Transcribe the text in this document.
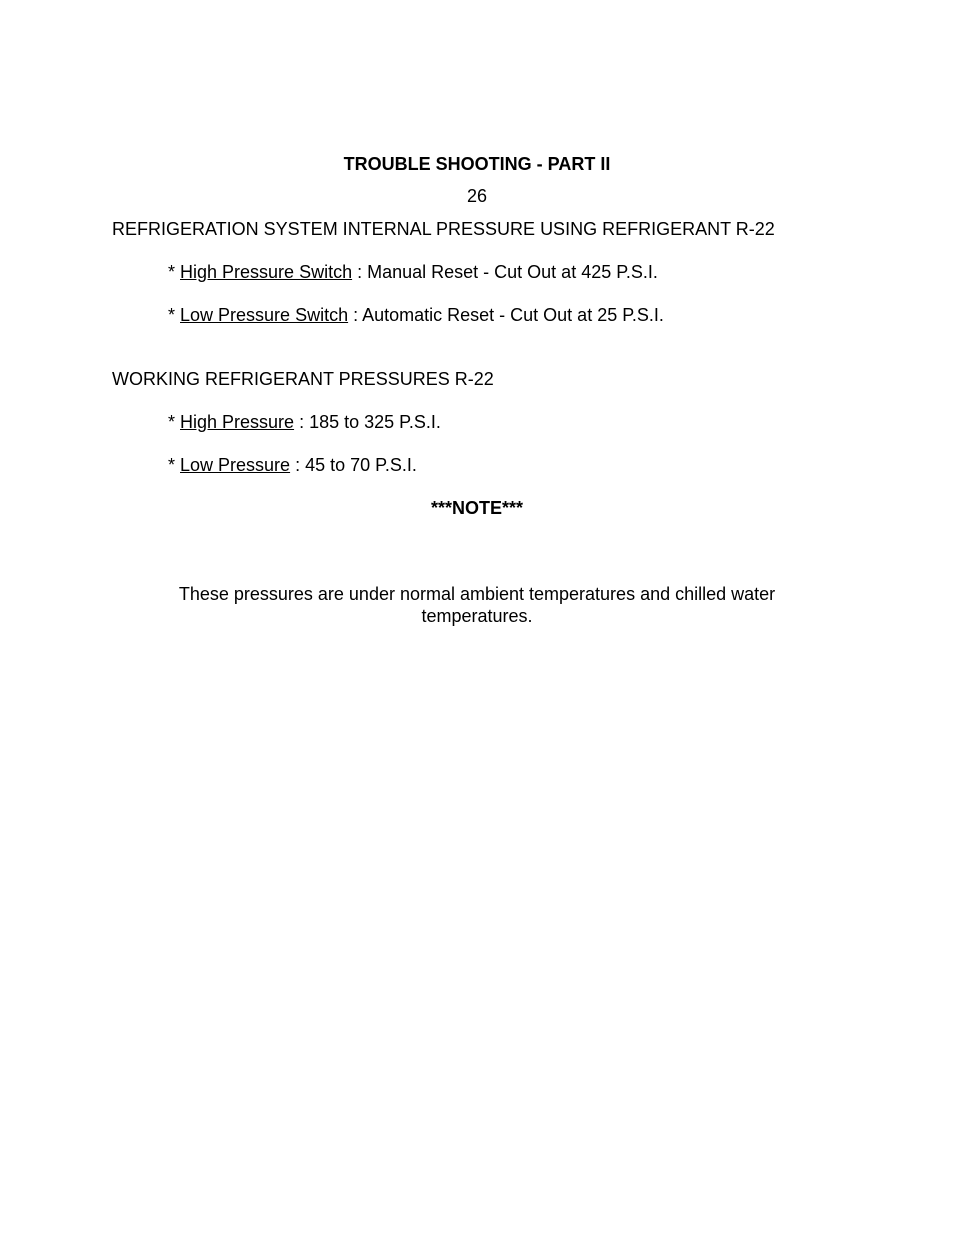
TROUBLE SHOOTING - PART II
26
REFRIGERATION SYSTEM INTERNAL PRESSURE USING REFRIGERANT R-22
* High Pressure Switch : Manual Reset - Cut Out at 425 P.S.I.
* Low Pressure Switch : Automatic Reset - Cut Out at 25 P.S.I.
WORKING REFRIGERANT PRESSURES R-22
* High Pressure : 185 to 325 P.S.I.
* Low Pressure : 45 to 70 P.S.I.
***NOTE***
These pressures are under normal ambient temperatures and chilled water temperatures.
